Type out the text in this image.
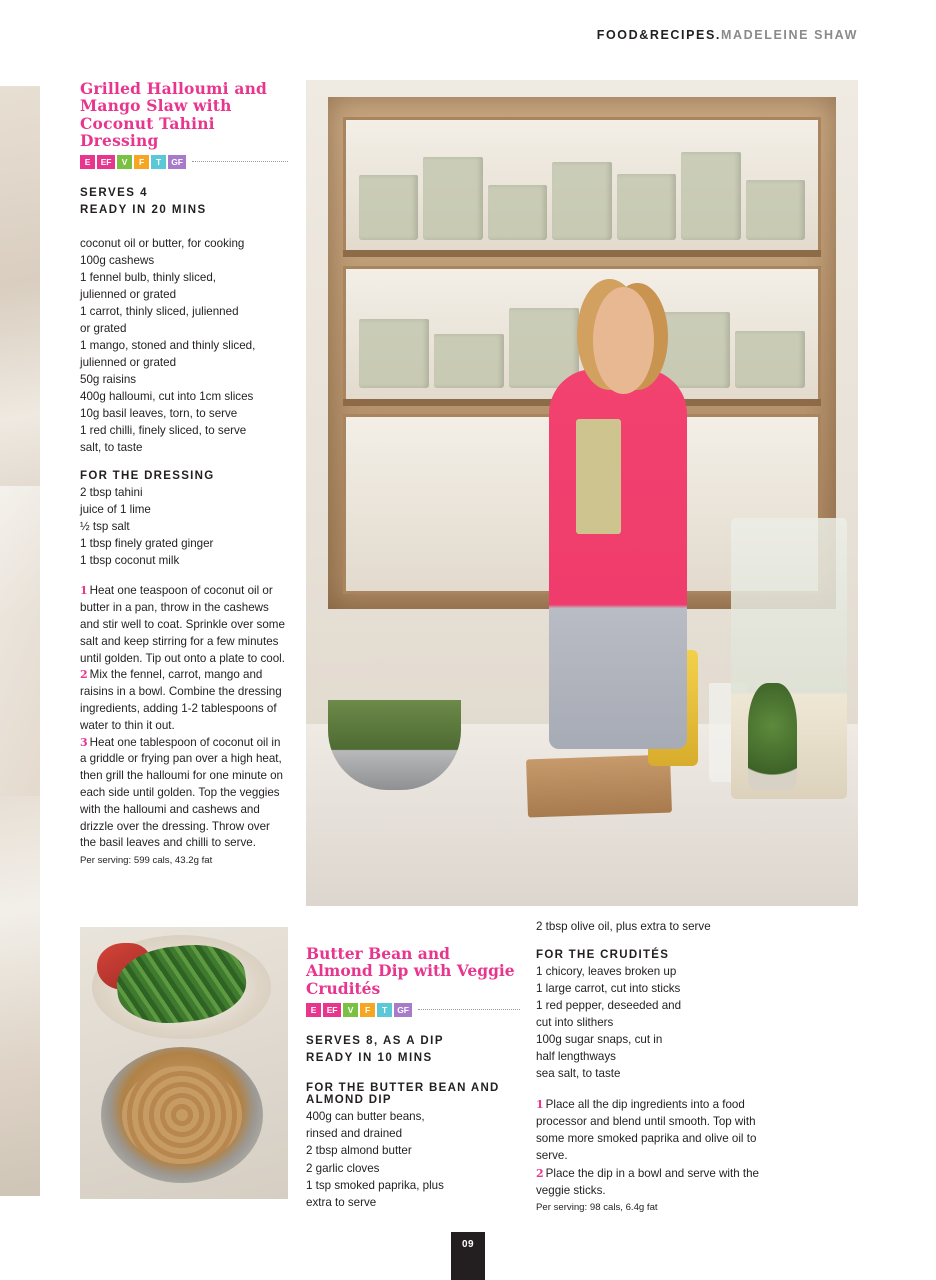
FOOD&RECIPES.MADELEINE SHAW
Grilled Halloumi and Mango Slaw with Coconut Tahini Dressing
E	EF	V	F	T	GF
SERVES 4
READY IN 20 MINS
coconut oil or butter, for cooking
100g cashews
1 fennel bulb, thinly sliced,
julienned or grated
1 carrot, thinly sliced, julienned
or grated
1 mango, stoned and thinly sliced,
julienned or grated
50g raisins
400g halloumi, cut into 1cm slices
10g basil leaves, torn, to serve
1 red chilli, finely sliced, to serve
salt, to taste
FOR THE DRESSING
2 tbsp tahini
juice of 1 lime
½ tsp salt
1 tbsp finely grated ginger
1 tbsp coconut milk

1 Heat one teaspoon of coconut oil or butter in a pan, throw in the cashews and stir well to coat. Sprinkle over some salt and keep stirring for a few minutes until golden. Tip out onto a plate to cool.

2 Mix the fennel, carrot, mango and raisins in a bowl. Combine the dressing ingredients, adding 1-2 tablespoons of water to thin it out.

3 Heat one tablespoon of coconut oil in a griddle or frying pan over a high heat, then grill the halloumi for one minute on each side until golden. Top the veggies with the halloumi and cashews and drizzle over the dressing. Throw over the basil leaves and chilli to serve.

Per serving: 599 cals, 43.2g fat
Butter Bean and Almond Dip with Veggie Crudités
E	EF	V	F	T	GF
SERVES 8, AS A DIP
READY IN 10 MINS
FOR THE BUTTER BEAN AND ALMOND DIP
400g can butter beans,
rinsed and drained
2 tbsp almond butter
2 garlic cloves
1 tsp smoked paprika, plus
extra to serve
2 tbsp olive oil, plus extra to serve
FOR THE CRUDITÉS
1 chicory, leaves broken up
1 large carrot, cut into sticks
1 red pepper, deseeded and
cut into slithers
100g sugar snaps, cut in
half lengthways
sea salt, to taste

1 Place all the dip ingredients into a food processor and blend until smooth. Top with some more smoked paprika and olive oil to serve.

2 Place the dip in a bowl and serve with the veggie sticks.

Per serving: 98 cals, 6.4g fat
09
